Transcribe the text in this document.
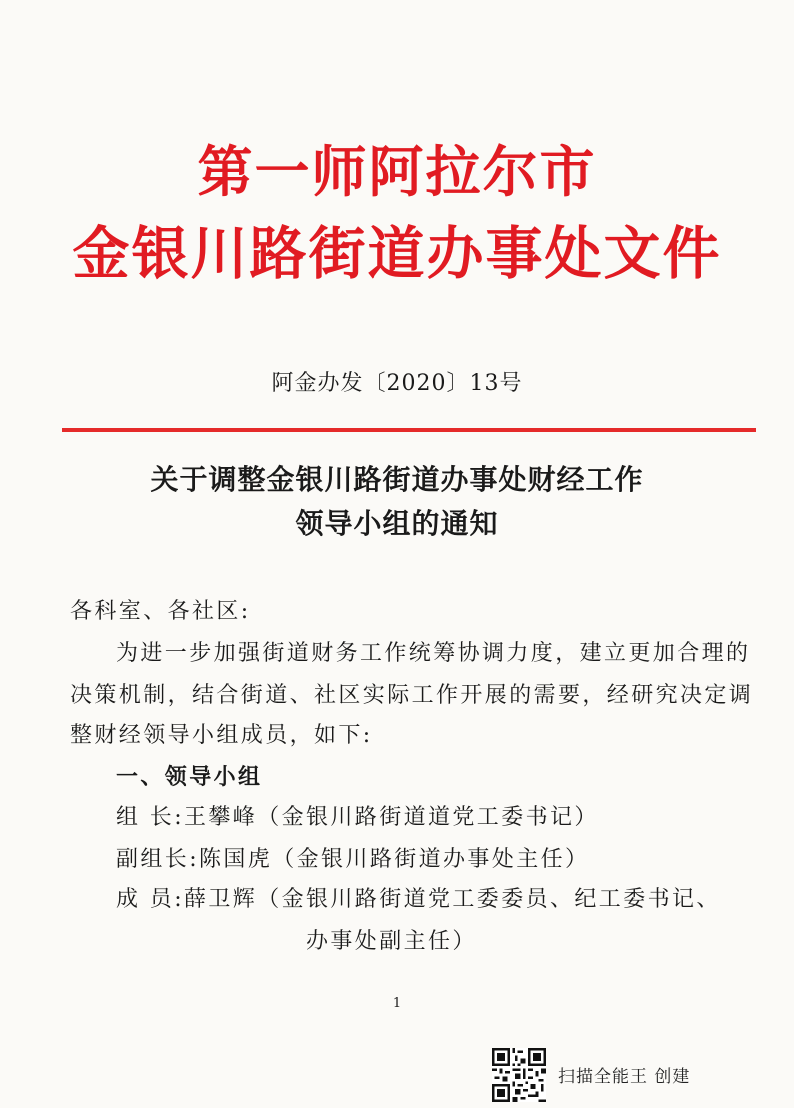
第一师阿拉尔市
金银川路街道办事处文件
阿金办发〔2020〕13号
关于调整金银川路街道办事处财经工作
领导小组的通知
各科室、各社区:
为进一步加强街道财务工作统筹协调力度，建立更加合理的
决策机制，结合街道、社区实际工作开展的需要，经研究决定调
整财经领导小组成员，如下:
一、领导小组
组 长:王攀峰（金银川路街道道党工委书记）
副组长:陈国虎（金银川路街道办事处主任）
成 员:薛卫辉（金银川路街道党工委委员、纪工委书记、
办事处副主任）
1
扫描全能王 创建
